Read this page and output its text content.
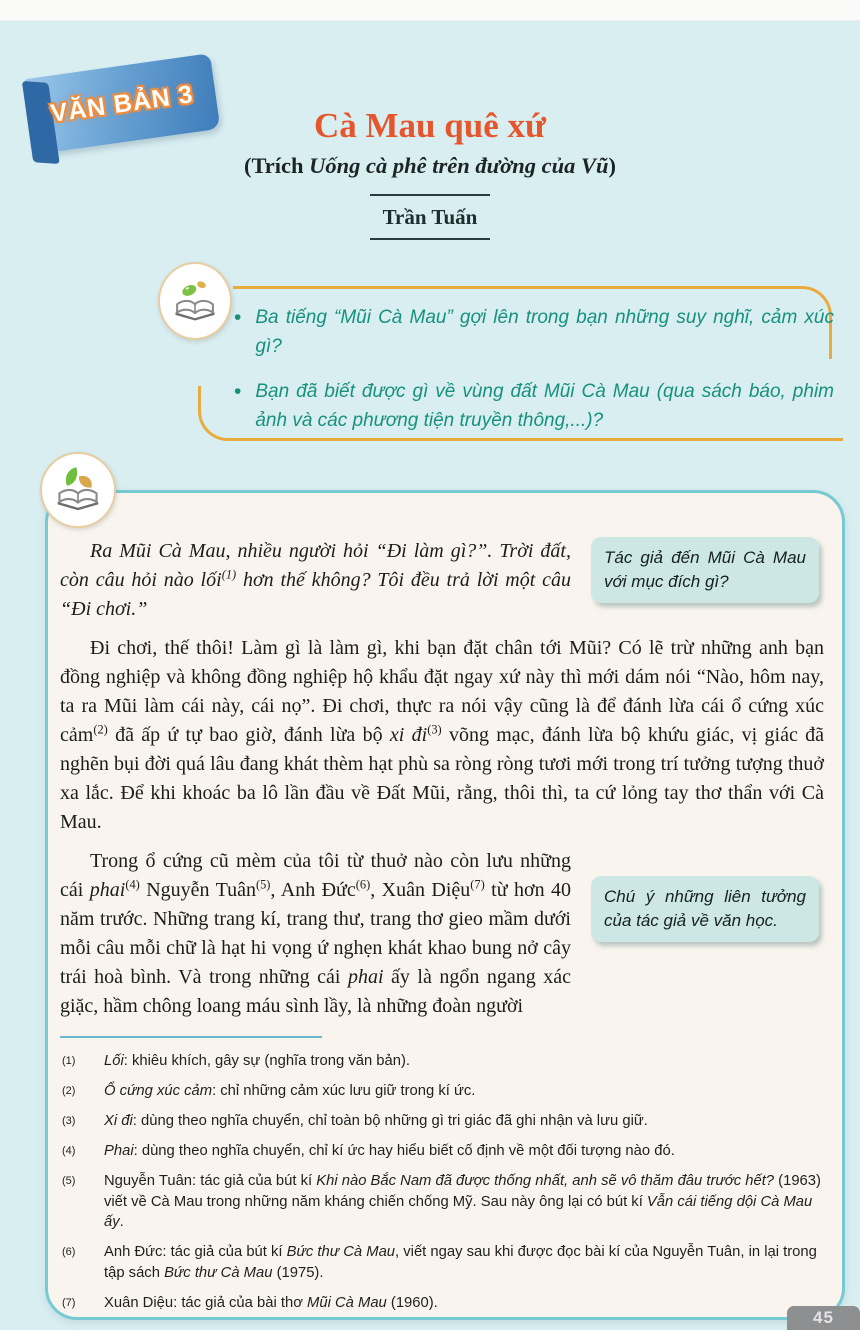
VĂN BẢN 3	Cà Mau quê xứ
(Trích Uống cà phê trên đường của Vũ)
Trần Tuấn
• Ba tiếng “Mũi Cà Mau” gợi lên trong bạn những suy nghĩ, cảm xúc gì?
• Bạn đã biết được gì về vùng đất Mũi Cà Mau (qua sách báo, phim ảnh và các phương tiện truyền thông,...)?

Tác giả đến Mũi Cà Mau với mục đích gì?
Ra Mũi Cà Mau, nhiều người hỏi “Đi làm gì?”. Trời đất, còn câu hỏi nào lối$^{(1)}$ hơn thế không? Tôi đều trả lời một câu “Đi chơi.”

Đi chơi, thế thôi! Làm gì là làm gì, khi bạn đặt chân tới Mũi? Có lẽ trừ những anh bạn đồng nghiệp và không đồng nghiệp hộ khẩu đặt ngay xứ này thì mới dám nói “Nào, hôm nay, ta ra Mũi làm cái này, cái nọ”. Đi chơi, thực ra nói vậy cũng là để đánh lừa cái ổ cứng xúc cảm$^{(2)}$ đã ấp ứ tự bao giờ, đánh lừa bộ xi $đi^{(3)}$ võng mạc, đánh lừa bộ khứu giác, vị giác đã nghẽn bụi đời quá lâu đang khát thèm hạt phù sa ròng ròng tươi mới trong trí tưởng tượng thuở xa lắc. Để khi khoác ba lô lần đầu về Đất Mũi, rằng, thôi thì, ta cứ lỏng tay thơ thẩn với Cà Mau.

Chú ý những liên tưởng của tác giả về văn học.
Trong ổ cứng cũ mèm của tôi từ thuở nào còn lưu những cái phai$^{(4)}$ Nguyễn Tuân$^{(5)}$, Anh Đức$^{(6)}$, Xuân Diệu$^{(7)}$ từ hơn 40 năm trước. Những trang kí, trang thư, trang thơ gieo mầm dưới mỗi câu mỗi chữ là hạt hi vọng ứ nghẹn khát khao bung nở cây trái hoà bình. Và trong những cái phai ấy là ngổn ngang xác giặc, hầm chông loang máu sình lầy, là những đoàn người

(1) Lối: khiêu khích, gây sự (nghĩa trong văn bản).
(2) Ổ cứng xúc cảm: chỉ những cảm xúc lưu giữ trong kí ức.
(3) Xi đi: dùng theo nghĩa chuyển, chỉ toàn bộ những gì tri giác đã ghi nhận và lưu giữ.
(4) Phai: dùng theo nghĩa chuyển, chỉ kí ức hay hiểu biết cố định về một đối tượng nào đó.
(5) Nguyễn Tuân: tác giả của bút kí Khi nào Bắc Nam đã được thống nhất, anh sẽ vô thăm đâu trước hết? (1963) viết về Cà Mau trong những năm kháng chiến chống Mỹ. Sau này ông lại có bút kí Vẫn cái tiếng dội Cà Mau ấy.
(6) Anh Đức: tác giả của bút kí Bức thư Cà Mau, viết ngay sau khi được đọc bài kí của Nguyễn Tuân, in lại trong tập sách Bức thư Cà Mau (1975).
(7) Xuân Diệu: tác giả của bài thơ Mũi Cà Mau (1960).
45
